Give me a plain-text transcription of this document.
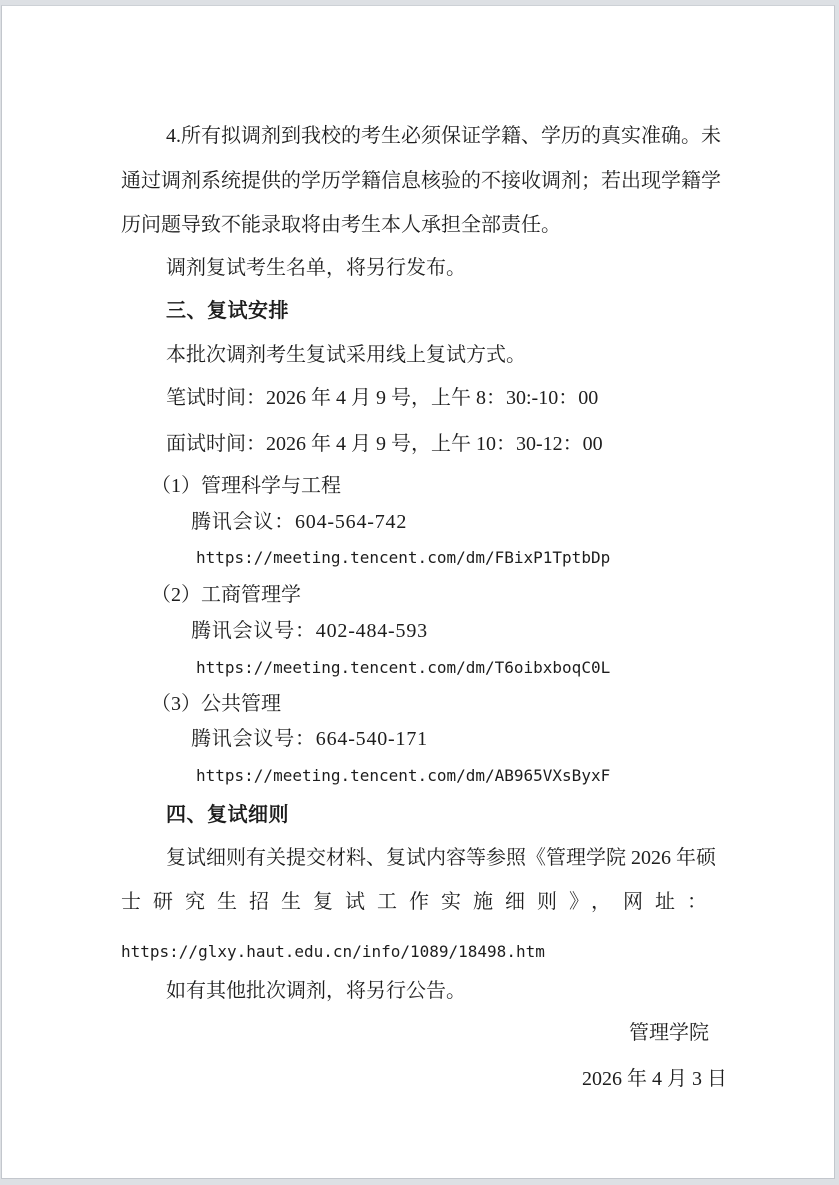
4.所有拟调剂到我校的考生必须保证学籍、学历的真实准确。未
通过调剂系统提供的学历学籍信息核验的不接收调剂；若出现学籍学
历问题导致不能录取将由考生本人承担全部责任。
调剂复试考生名单，将另行发布。
三、复试安排
本批次调剂考生复试采用线上复试方式。
笔试时间：2026 年 4 月 9 号，上午 8：30:-10：00
面试时间：2026 年 4 月 9 号，上午 10：30-12：00
（1）管理科学与工程
腾讯会议：604-564-742
https://meeting.tencent.com/dm/FBixP1TptbDp
（2）工商管理学
腾讯会议号：402-484-593
https://meeting.tencent.com/dm/T6oibxboqC0L
（3）公共管理
腾讯会议号：664-540-171
https://meeting.tencent.com/dm/AB965VXsByxF
四、复试细则
复试细则有关提交材料、复试内容等参照《管理学院 2026 年硕
士研究生招生复试工作实施细则》，网址：
https://glxy.haut.edu.cn/info/1089/18498.htm
如有其他批次调剂，将另行公告。
管理学院
2026 年 4 月 3 日
